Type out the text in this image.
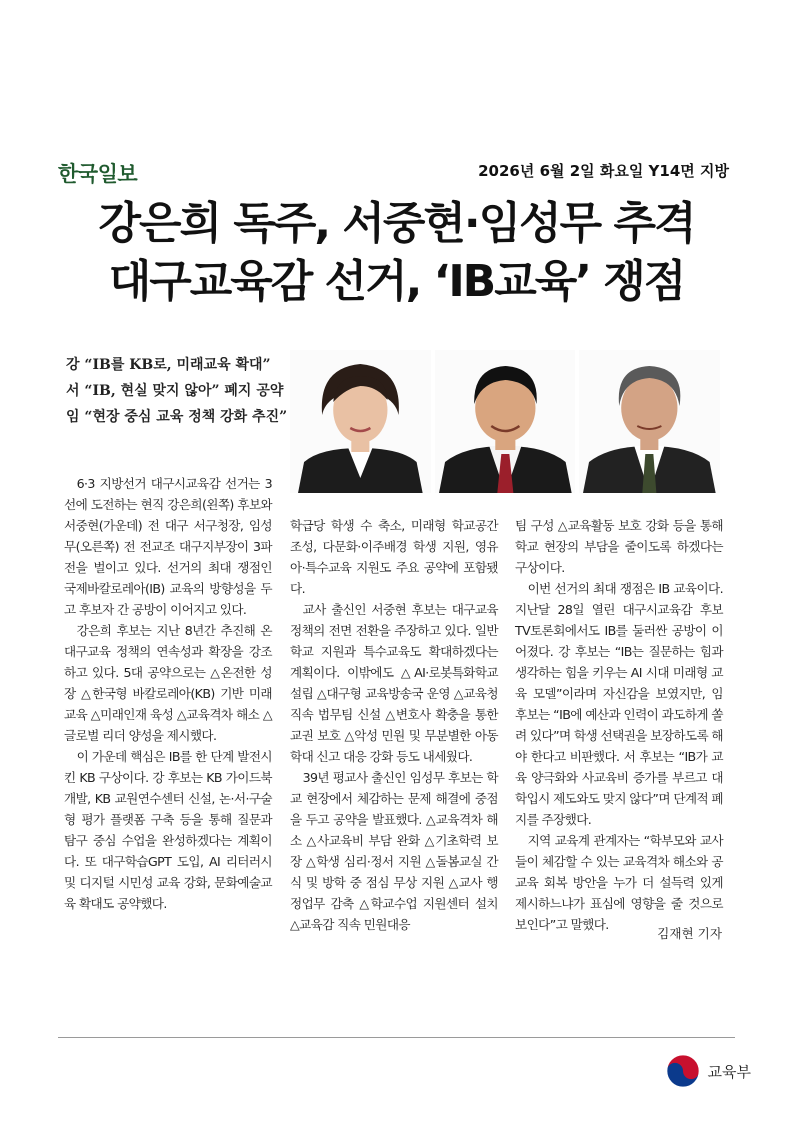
한국일보	2026년 6월 2일 화요일 Y14면 지방
강은희 독주, 서중현·임성무 추격
대구교육감 선거, ‘IB교육’ 쟁점
강 “IB를 KB로, 미래교육 확대”
서 “IB, 현실 맞지 않아” 폐지 공약
임 “현장 중심 교육 정책 강화 추진”

6·3 지방선거 대구시교육감 선거는 3선에 도전하는 현직 강은희(왼쪽) 후보와 서중현(가운데) 전 대구 서구청장, 임성무(오른쪽) 전 전교조 대구지부장이 3파전을 벌이고 있다. 선거의 최대 쟁점인 국제바칼로레아(IB) 교육의 방향성을 두고 후보자 간 공방이 이어지고 있다.

강은희 후보는 지난 8년간 추진해 온 대구교육 정책의 연속성과 확장을 강조하고 있다. 5대 공약으로는 △온전한 성장 △한국형 바칼로레아(KB) 기반 미래교육 △미래인재 육성 △교육격차 해소 △글로벌 리더 양성을 제시했다.

이 가운데 핵심은 IB를 한 단계 발전시킨 KB 구상이다. 강 후보는 KB 가이드북 개발, KB 교원연수센터 신설, 논·서·구술형 평가 플랫폼 구축 등을 통해 질문과 탐구 중심 수업을 완성하겠다는 계획이다. 또 대구학습GPT 도입, AI 리터러시 및 디지털 시민성 교육 강화, 문화예술교육 확대도 공약했다.

학급당 학생 수 축소, 미래형 학교공간 조성, 다문화·이주배경 학생 지원, 영유아·특수교육 지원도 주요 공약에 포함됐다.

교사 출신인 서중현 후보는 대구교육 정책의 전면 전환을 주장하고 있다. 일반 학교 지원과 특수교육도 확대하겠다는 계획이다. 이밖에도 △AI·로봇특화학교 설립 △대구형 교육방송국 운영 △교육청 직속 법무팀 신설 △변호사 확충을 통한 교권 보호 △악성 민원 및 무분별한 아동학대 신고 대응 강화 등도 내세웠다.

39년 평교사 출신인 임성무 후보는 학교 현장에서 체감하는 문제 해결에 중점을 두고 공약을 발표했다. △교육격차 해소 △사교육비 부담 완화 △기초학력 보장 △학생 심리·정서 지원 △돌봄교실 간식 및 방학 중 점심 무상 지원 △교사 행정업무 감축 △학교수업 지원센터 설치 △교육감 직속 민원대응

팀 구성 △교육활동 보호 강화 등을 통해 학교 현장의 부담을 줄이도록 하겠다는 구상이다.

이번 선거의 최대 쟁점은 IB 교육이다. 지난달 28일 열린 대구시교육감 후보 TV토론회에서도 IB를 둘러싼 공방이 이어졌다. 강 후보는 “IB는 질문하는 힘과 생각하는 힘을 키우는 AI 시대 미래형 교육 모델”이라며 자신감을 보였지만, 임 후보는 “IB에 예산과 인력이 과도하게 쏠려 있다”며 학생 선택권을 보장하도록 해야 한다고 비판했다. 서 후보는 “IB가 교육 양극화와 사교육비 증가를 부르고 대학입시 제도와도 맞지 않다”며 단계적 폐지를 주장했다.

지역 교육계 관계자는 “학부모와 교사들이 체감할 수 있는 교육격차 해소와 공교육 회복 방안을 누가 더 설득력 있게 제시하느냐가 표심에 영향을 줄 것으로 보인다”고 말했다.

김재현 기자
교육부
